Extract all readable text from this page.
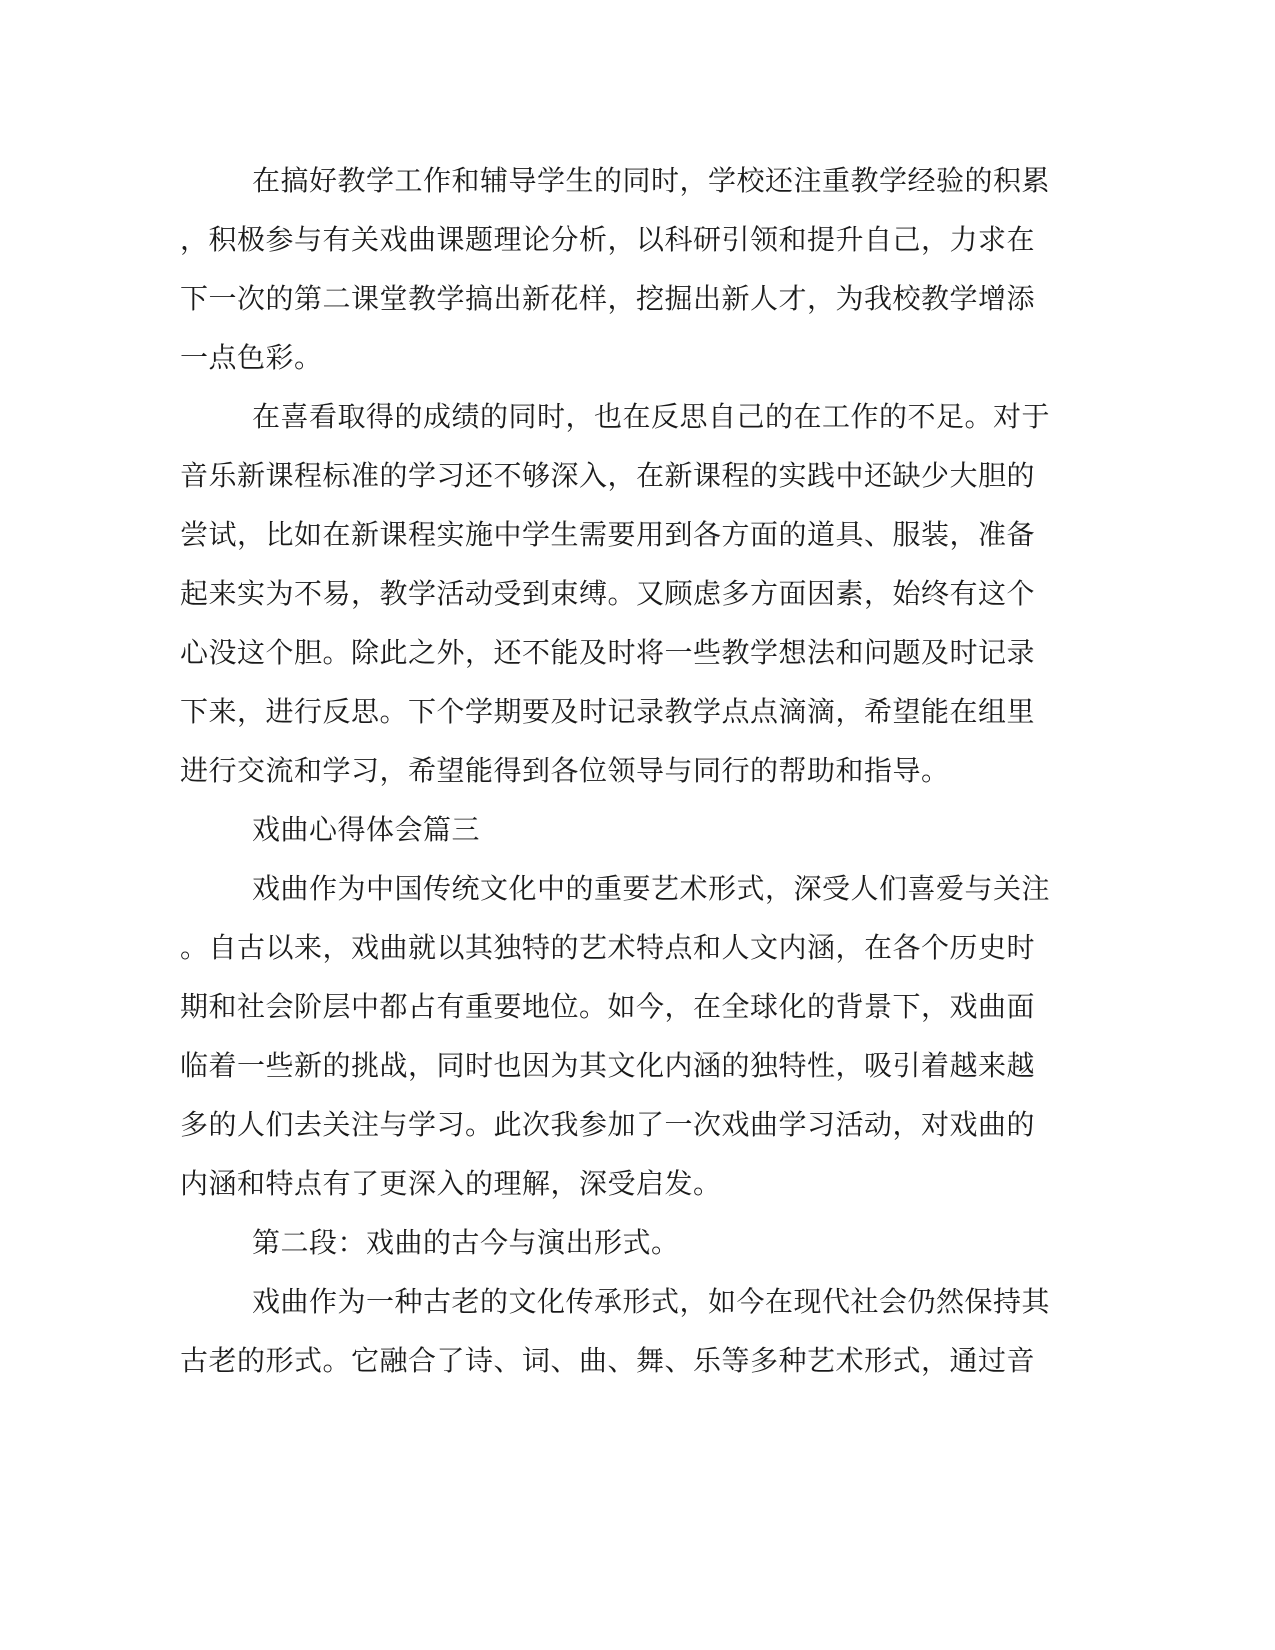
在搞好教学工作和辅导学生的同时，学校还注重教学经验的积累
，积极参与有关戏曲课题理论分析，以科研引领和提升自己，力求在
下一次的第二课堂教学搞出新花样，挖掘出新人才，为我校教学增添
一点色彩。
在喜看取得的成绩的同时，也在反思自己的在工作的不足。对于
音乐新课程标准的学习还不够深入，在新课程的实践中还缺少大胆的
尝试，比如在新课程实施中学生需要用到各方面的道具、服装，准备
起来实为不易，教学活动受到束缚。又顾虑多方面因素，始终有这个
心没这个胆。除此之外，还不能及时将一些教学想法和问题及时记录
下来，进行反思。下个学期要及时记录教学点点滴滴，希望能在组里
进行交流和学习，希望能得到各位领导与同行的帮助和指导。
戏曲心得体会篇三
戏曲作为中国传统文化中的重要艺术形式，深受人们喜爱与关注
。自古以来，戏曲就以其独特的艺术特点和人文内涵，在各个历史时
期和社会阶层中都占有重要地位。如今，在全球化的背景下，戏曲面
临着一些新的挑战，同时也因为其文化内涵的独特性，吸引着越来越
多的人们去关注与学习。此次我参加了一次戏曲学习活动，对戏曲的
内涵和特点有了更深入的理解，深受启发。
第二段：戏曲的古今与演出形式。
戏曲作为一种古老的文化传承形式，如今在现代社会仍然保持其
古老的形式。它融合了诗、词、曲、舞、乐等多种艺术形式，通过音
